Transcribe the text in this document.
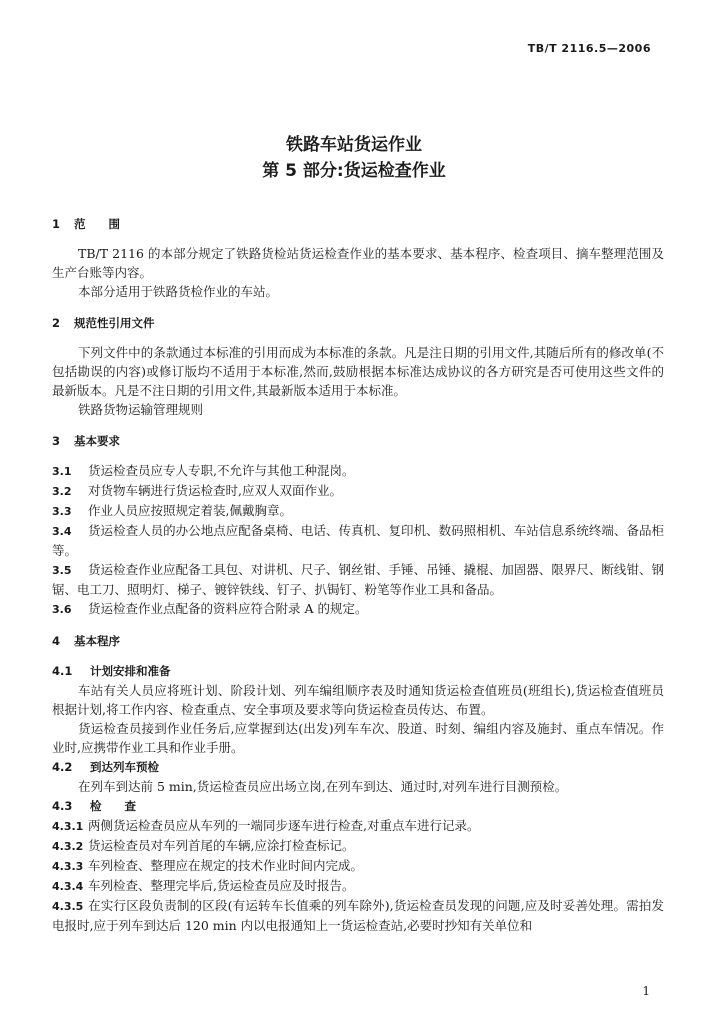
TB/T 2116.5—2006
铁路车站货运作业
第 5 部分:货运检查作业
1 范　　围

TB/T 2116 的本部分规定了铁路货检站货运检查作业的基本要求、基本程序、检查项目、摘车整理范围及生产台账等内容。

本部分适用于铁路货检作业的车站。

2 规范性引用文件

下列文件中的条款通过本标准的引用而成为本标准的条款。凡是注日期的引用文件,其随后所有的修改单(不包括勘误的内容)或修订版均不适用于本标准,然而,鼓励根据本标准达成协议的各方研究是否可使用这些文件的最新版本。凡是不注日期的引用文件,其最新版本适用于本标准。

铁路货物运输管理规则

3 基本要求

3.1 货运检查员应专人专职,不允许与其他工种混岗。

3.2 对货物车辆进行货运检查时,应双人双面作业。

3.3 作业人员应按照规定着装,佩戴胸章。

3.4 货运检查人员的办公地点应配备桌椅、电话、传真机、复印机、数码照相机、车站信息系统终端、备品柜等。

3.5 货运检查作业应配备工具包、对讲机、尺子、钢丝钳、手锤、吊锤、撬棍、加固器、限界尺、断线钳、钢锯、电工刀、照明灯、梯子、镀锌铁线、钉子、扒锔钉、粉笔等作业工具和备品。

3.6 货运检查作业点配备的资料应符合附录 A 的规定。

4 基本程序
4.1 计划安排和准备

车站有关人员应将班计划、阶段计划、列车编组顺序表及时通知货运检查值班员(班组长),货运检查值班员根据计划,将工作内容、检查重点、安全事项及要求等向货运检查员传达、布置。

货运检查员接到作业任务后,应掌握到达(出发)列车车次、股道、时刻、编组内容及施封、重点车情况。作业时,应携带作业工具和作业手册。

4.2 到达列车预检

在列车到达前 5 min,货运检查员应出场立岗,在列车到达、通过时,对列车进行目测预检。

4.3 检　　查

4.3.1 两侧货运检查员应从车列的一端同步逐车进行检查,对重点车进行记录。

4.3.2 货运检查员对车列首尾的车辆,应涂打检查标记。

4.3.3 车列检查、整理应在规定的技术作业时间内完成。

4.3.4 车列检查、整理完毕后,货运检查员应及时报告。

4.3.5 在实行区段负责制的区段(有运转车长值乘的列车除外),货运检查员发现的问题,应及时妥善处理。需拍发电报时,应于列车到达后 120 min 内以电报通知上一货运检查站,必要时抄知有关单位和

1
